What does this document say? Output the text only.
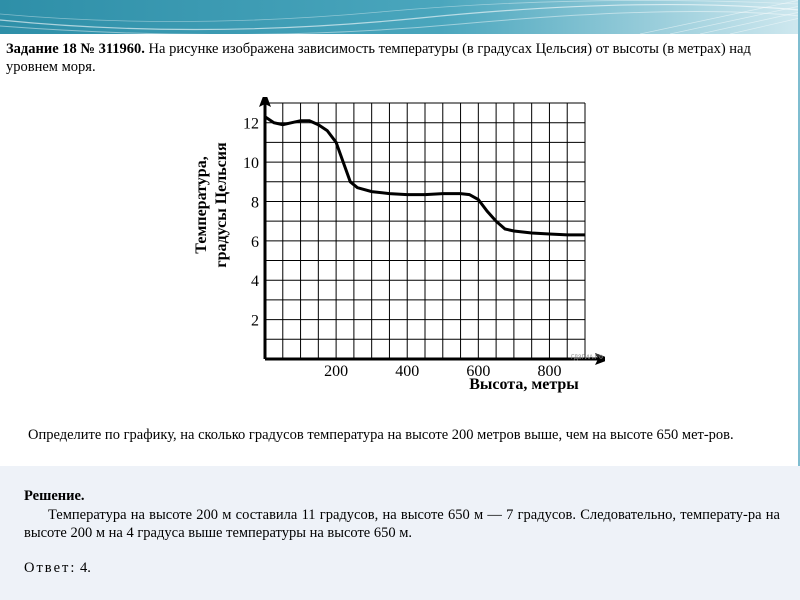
Задание 18 № 311960. На рисунке изображена зависимость температуры (в градусах Цельсия) от высоты (в метрах) над уровнем моря.
200	400	600	800
2
4
6
8
10
12
Температура, градусы Цельсия
Высота, метры
ГДЗГИА.РФ
Определите по графику, на сколько градусов температура на высоте 200 метров выше, чем на высоте 650 мет-ров.
Решение.
Температура на высоте 200 м составила 11 градусов, на высоте 650 м — 7 градусов. Следовательно, температу-ра на высоте 200 м на 4 градуса выше температуры на высоте 650 м.
Ответ: 4.
